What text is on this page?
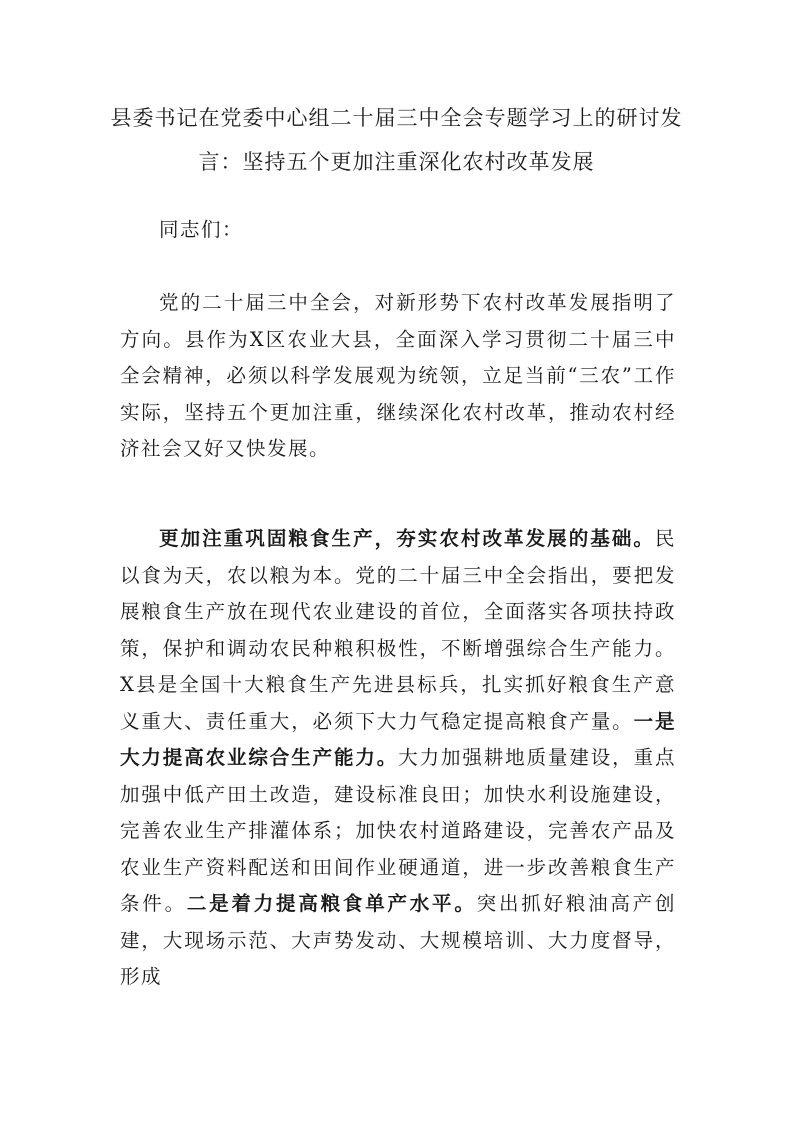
县委书记在党委中心组二十届三中全会专题学习上的研讨发言：坚持五个更加注重深化农村改革发展

同志们：

党的二十届三中全会，对新形势下农村改革发展指明了方向。县作为X区农业大县，全面深入学习贯彻二十届三中全会精神，必须以科学发展观为统领，立足当前“三农”工作实际，坚持五个更加注重，继续深化农村改革，推动农村经济社会又好又快发展。

更加注重巩固粮食生产，夯实农村改革发展的基础。民以食为天，农以粮为本。党的二十届三中全会指出，要把发展粮食生产放在现代农业建设的首位，全面落实各项扶持政策，保护和调动农民种粮积极性，不断增强综合生产能力。X县是全国十大粮食生产先进县标兵，扎实抓好粮食生产意义重大、责任重大，必须下大力气稳定提高粮食产量。一是大力提高农业综合生产能力。大力加强耕地质量建设，重点加强中低产田土改造，建设标准良田；加快水利设施建设，完善农业生产排灌体系；加快农村道路建设，完善农产品及农业生产资料配送和田间作业硬通道，进一步改善粮食生产条件。二是着力提高粮食单产水平。突出抓好粮油高产创建，大现场示范、大声势发动、大规模培训、大力度督导，形成
